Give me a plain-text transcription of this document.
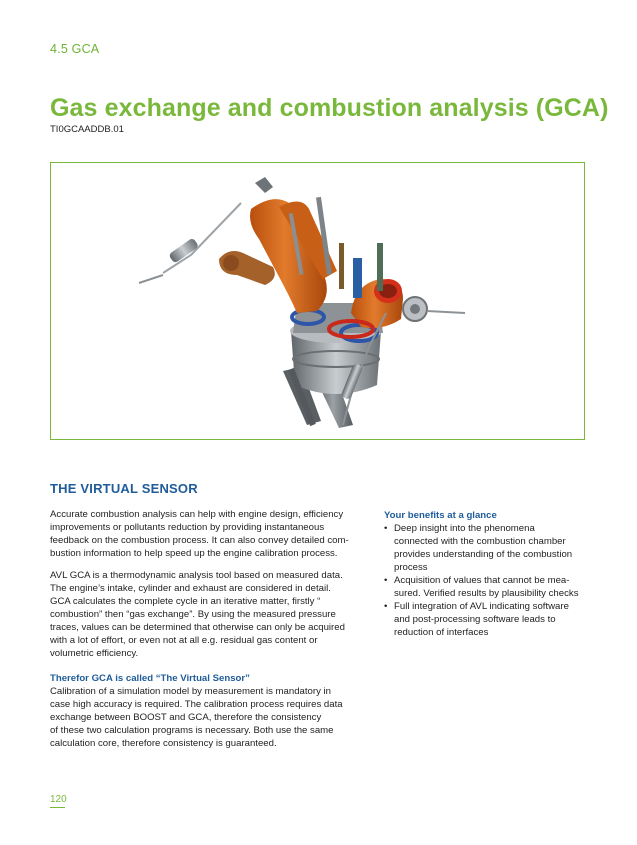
4.5 GCA
Gas exchange and combustion analysis (GCA)
TI0GCAADDB.01
THE VIRTUAL SENSOR

Accurate combustion analysis can help with engine design, efficiency
improvements or pollutants reduction by providing instantaneous
feedback on the combustion process. It can also convey detailed com-
bustion information to help speed up the engine calibration process.

AVL GCA is a thermodynamic analysis tool based on measured data.
The engine’s intake, cylinder and exhaust are considered in detail.
GCA calculates the complete cycle in an iterative matter, firstly “
combustion” then “gas exchange”. By using the measured pressure
traces, values can be determined that otherwise can only be acquired
with a lot of effort, or even not at all e.g. residual gas content or
volumetric efficiency.

Therefor GCA is called “The Virtual Sensor”

Calibration of a simulation model by measurement is mandatory in
case high accuracy is required. The calibration process requires data
exchange between BOOST and GCA, therefore the consistency
of these two calculation programs is necessary. Both use the same
calculation core, therefore consistency is guaranteed.

Your benefits at a glance

• Deep insight into the phenomena
connected with the combustion chamber
provides understanding of the combustion
process
• Acquisition of values that cannot be mea-
sured. Verified results by plausibility checks
• Full integration of AVL indicating software
and post-processing software leads to
reduction of interfaces
120
